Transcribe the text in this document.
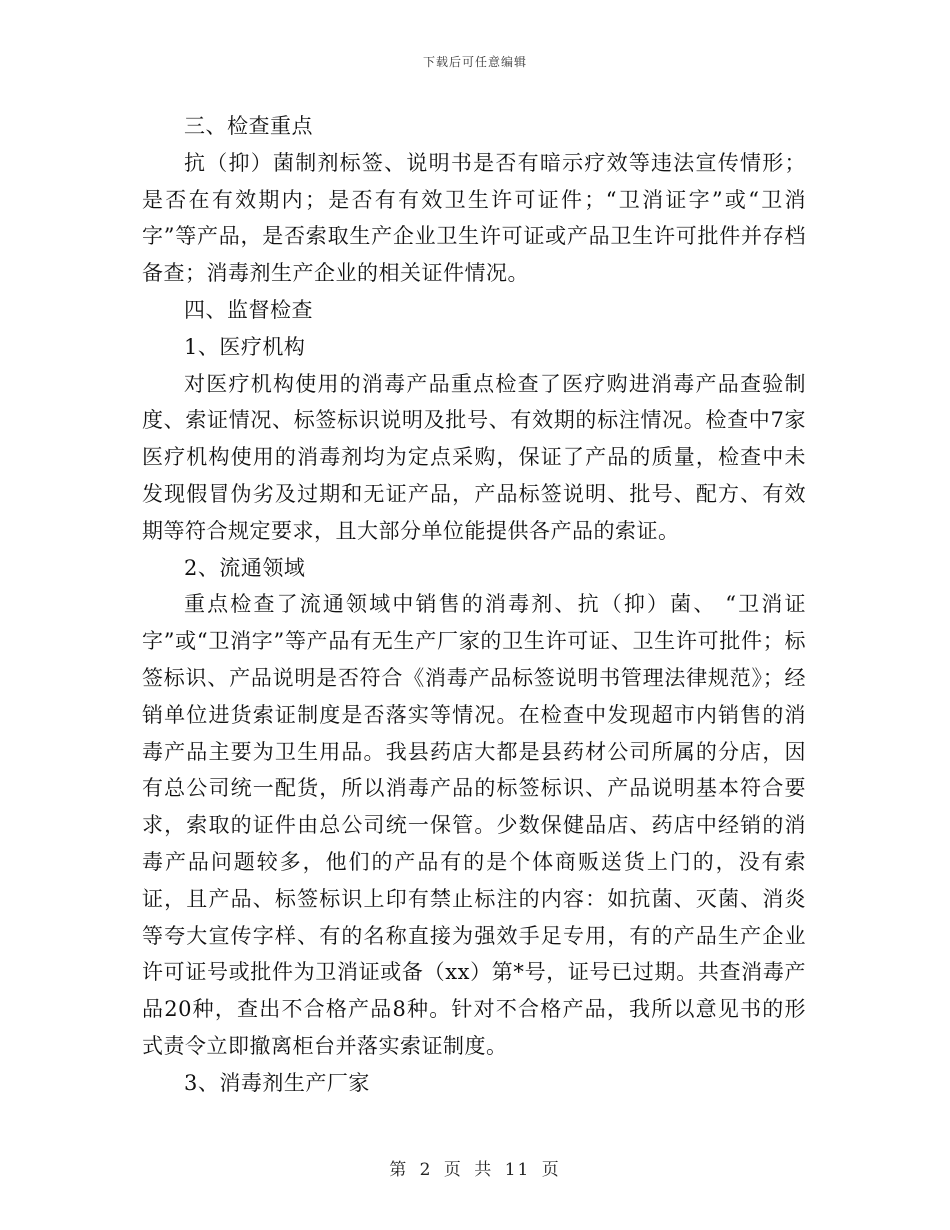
下载后可任意编辑

三、检查重点

抗（抑）菌制剂标签、说明书是否有暗示疗效等违法宣传情形；是否在有效期内；是否有有效卫生许可证件；“卫消证字”或“卫消字”等产品，是否索取生产企业卫生许可证或产品卫生许可批件并存档备查；消毒剂生产企业的相关证件情况。

四、监督检查

1、医疗机构

对医疗机构使用的消毒产品重点检查了医疗购进消毒产品查验制度、索证情况、标签标识说明及批号、有效期的标注情况。检查中7家医疗机构使用的消毒剂均为定点采购，保证了产品的质量，检查中未发现假冒伪劣及过期和无证产品，产品标签说明、批号、配方、有效期等符合规定要求，且大部分单位能提供各产品的索证。

2、流通领域

重点检查了流通领域中销售的消毒剂、抗（抑）菌、 “卫消证字”或“卫消字”等产品有无生产厂家的卫生许可证、卫生许可批件；标签标识、产品说明是否符合《消毒产品标签说明书管理法律规范》；经销单位进货索证制度是否落实等情况。在检查中发现超市内销售的消毒产品主要为卫生用品。我县药店大都是县药材公司所属的分店，因有总公司统一配货，所以消毒产品的标签标识、产品说明基本符合要求，索取的证件由总公司统一保管。少数保健品店、药店中经销的消毒产品问题较多，他们的产品有的是个体商贩送货上门的，没有索证，且产品、标签标识上印有禁止标注的内容：如抗菌、灭菌、消炎等夸大宣传字样、有的名称直接为强效手足专用，有的产品生产企业许可证号或批件为卫消证或备（xx）第*号，证号已过期。共查消毒产品20种，查出不合格产品8种。针对不合格产品，我所以意见书的形式责令立即撤离柜台并落实索证制度。

3、消毒剂生产厂家

第 2 页 共 11 页
